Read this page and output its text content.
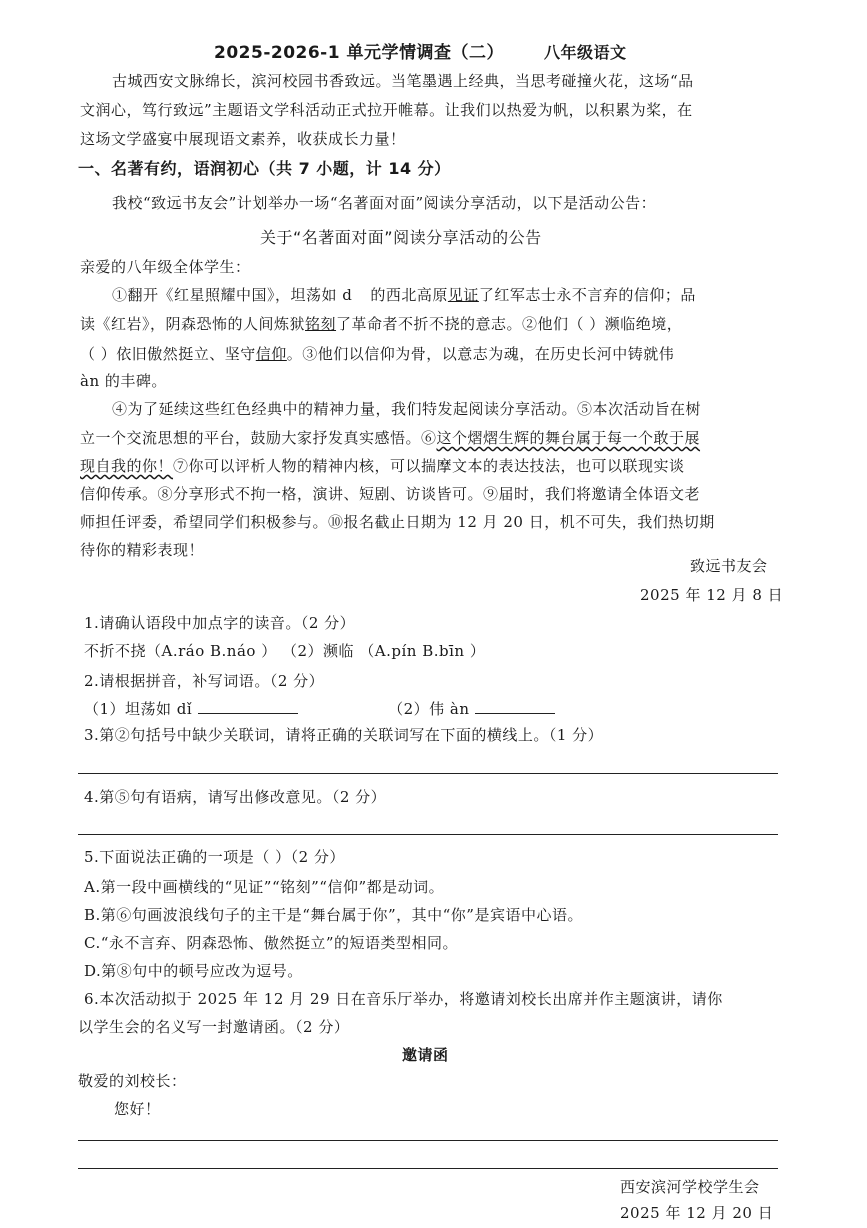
2025-2026-1 单元学情调查（二）	八年级语文
古城西安文脉绵长，滨河校园书香致远。当笔墨遇上经典，当思考碰撞火花，这场“品
文润心，笃行致远”主题语文学科活动正式拉开帷幕。让我们以热爱为帆，以积累为桨，在
这场文学盛宴中展现语文素养，收获成长力量！
一、名著有约，语润初心（共 7 小题，计 14 分）
我校“致远书友会”计划举办一场“名著面对面”阅读分享活动，以下是活动公告：
关于“名著面对面”阅读分享活动的公告
亲爱的八年级全体学生：
①翻开《红星照耀中国》，坦荡如 d 的西北高原见证了红军志士永不言弃的信仰；品
读《红岩》，阴森恐怖的人间炼狱铭刻了革命者不折不挠的意志。②他们（ ）濒临绝境，
（ ）依旧傲然挺立、坚守信仰。③他们以信仰为骨，以意志为魂，在历史长河中铸就伟
àn 的丰碑。
④为了延续这些红色经典中的精神力量，我们特发起阅读分享活动。⑤本次活动旨在树
立一个交流思想的平台，鼓励大家抒发真实感悟。⑥这个熠熠生辉的舞台属于每一个敢于展
现自我的你！⑦你可以评析人物的精神内核，可以揣摩文本的表达技法，也可以联现实谈
信仰传承。⑧分享形式不拘一格，演讲、短剧、访谈皆可。⑨届时，我们将邀请全体语文老
师担任评委，希望同学们积极参与。⑩报名截止日期为 12 月 20 日，机不可失，我们热切期
待你的精彩表现！
致远书友会
2025 年 12 月 8 日
1.请确认语段中加点字的读音。（2 分）
不折不挠（A.ráo B.náo ） （2）濒临 （A.pín B.bīn ）
2.请根据拼音，补写词语。（2 分）
（1）坦荡如 dǐ	（2）伟 àn
3.第②句括号中缺少关联词，请将正确的关联词写在下面的横线上。（1 分）
4.第⑤句有语病，请写出修改意见。（2 分）
5.下面说法正确的一项是（ ）（2 分）
A.第一段中画横线的“见证”“铭刻”“信仰”都是动词。
B.第⑥句画波浪线句子的主干是“舞台属于你”，其中“你”是宾语中心语。
C.“永不言弃、阴森恐怖、傲然挺立”的短语类型相同。
D.第⑧句中的顿号应改为逗号。
6.本次活动拟于 2025 年 12 月 29 日在音乐厅举办，将邀请刘校长出席并作主题演讲，请你
以学生会的名义写一封邀请函。（2 分）
邀请函
敬爱的刘校长：
您好！
西安滨河学校学生会
2025 年 12 月 20 日
